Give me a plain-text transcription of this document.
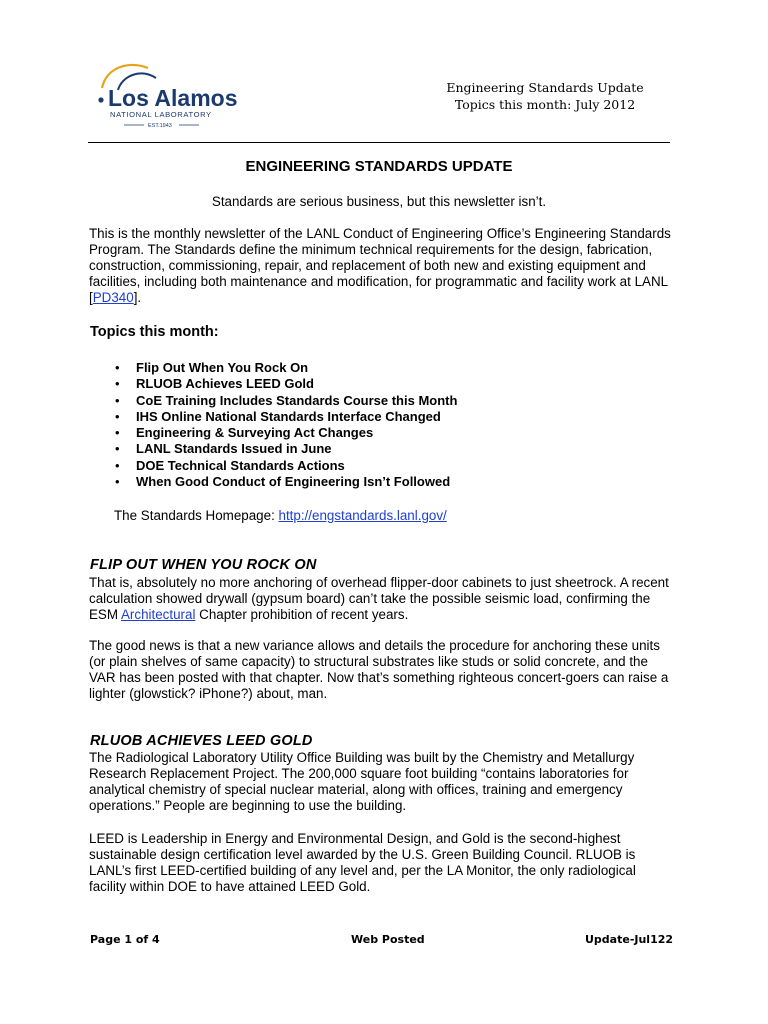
Los Alamos
NATIONAL LABORATORY
EST.1943
Engineering Standards Update
Topics this month: July 2012
ENGINEERING STANDARDS UPDATE
Standards are serious business, but this newsletter isn’t.
This is the monthly newsletter of the LANL Conduct of Engineering Office’s Engineering Standards Program. The Standards define the minimum technical requirements for the design, fabrication, construction, commissioning, repair, and replacement of both new and existing equipment and facilities, including both maintenance and modification, for programmatic and facility work at LANL [PD340].
Topics this month:
• Flip Out When You Rock On
• RLUOB Achieves LEED Gold
• CoE Training Includes Standards Course this Month
• IHS Online National Standards Interface Changed
• Engineering & Surveying Act Changes
• LANL Standards Issued in June
• DOE Technical Standards Actions
• When Good Conduct of Engineering Isn’t Followed
The Standards Homepage: http://engstandards.lanl.gov/
FLIP OUT WHEN YOU ROCK ON
That is, absolutely no more anchoring of overhead flipper-door cabinets to just sheetrock. A recent calculation showed drywall (gypsum board) can’t take the possible seismic load, confirming the ESM Architectural Chapter prohibition of recent years.
The good news is that a new variance allows and details the procedure for anchoring these units (or plain shelves of same capacity) to structural substrates like studs or solid concrete, and the VAR has been posted with that chapter. Now that’s something righteous concert-goers can raise a lighter (glowstick? iPhone?) about, man.
RLUOB ACHIEVES LEED GOLD
The Radiological Laboratory Utility Office Building was built by the Chemistry and Metallurgy Research Replacement Project. The 200,000 square foot building “contains laboratories for analytical chemistry of special nuclear material, along with offices, training and emergency operations.” People are beginning to use the building.
LEED is Leadership in Energy and Environmental Design, and Gold is the second-highest sustainable design certification level awarded by the U.S. Green Building Council. RLUOB is LANL’s first LEED-certified building of any level and, per the LA Monitor, the only radiological facility within DOE to have attained LEED Gold.
Page 1 of 4	Web Posted	Update-Jul122
